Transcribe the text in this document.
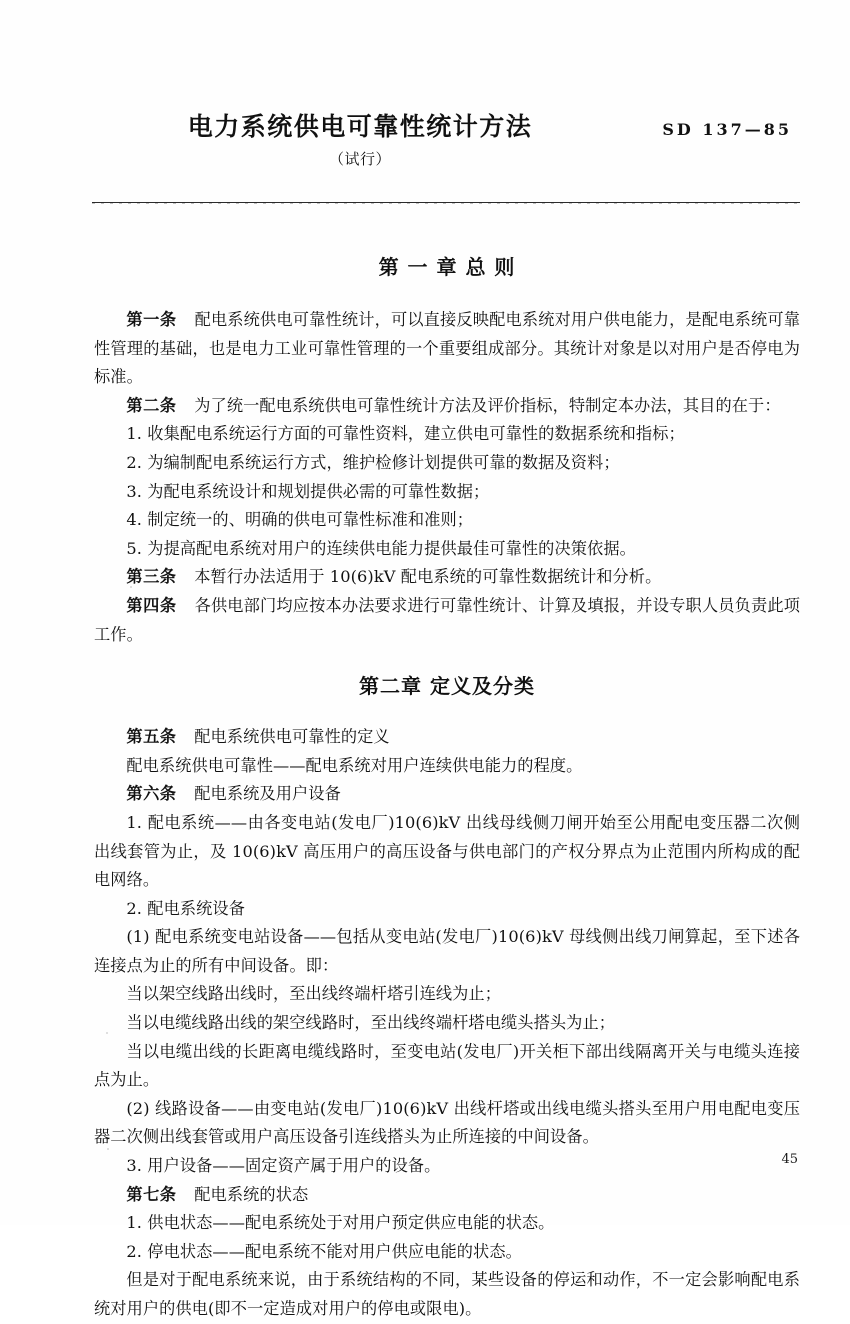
电力系统供电可靠性统计方法
（试行）
SD 137—85
第 一 章 总 则

第一条 配电系统供电可靠性统计，可以直接反映配电系统对用户供电能力，是配电系统可靠性管理的基础，也是电力工业可靠性管理的一个重要组成部分。其统计对象是以对用户是否停电为标准。

第二条 为了统一配电系统供电可靠性统计方法及评价指标，特制定本办法，其目的在于：

1. 收集配电系统运行方面的可靠性资料，建立供电可靠性的数据系统和指标；

2. 为编制配电系统运行方式，维护检修计划提供可靠的数据及资料；

3. 为配电系统设计和规划提供必需的可靠性数据；

4. 制定统一的、明确的供电可靠性标准和准则；

5. 为提高配电系统对用户的连续供电能力提供最佳可靠性的决策依据。

第三条 本暂行办法适用于 10(6)kV 配电系统的可靠性数据统计和分析。

第四条 各供电部门均应按本办法要求进行可靠性统计、计算及填报，并设专职人员负责此项工作。

第二章 定义及分类

第五条 配电系统供电可靠性的定义

配电系统供电可靠性——配电系统对用户连续供电能力的程度。

第六条 配电系统及用户设备

1. 配电系统——由各变电站(发电厂)10(6)kV 出线母线侧刀闸开始至公用配电变压器二次侧出线套管为止，及 10(6)kV 高压用户的高压设备与供电部门的产权分界点为止范围内所构成的配电网络。

2. 配电系统设备

(1) 配电系统变电站设备——包括从变电站(发电厂)10(6)kV 母线侧出线刀闸算起，至下述各连接点为止的所有中间设备。即：

当以架空线路出线时，至出线终端杆塔引连线为止；

当以电缆线路出线的架空线路时，至出线终端杆塔电缆头搭头为止；

当以电缆出线的长距离电缆线路时，至变电站(发电厂)开关柜下部出线隔离开关与电缆头连接点为止。

(2) 线路设备——由变电站(发电厂)10(6)kV 出线杆塔或出线电缆头搭头至用户用电配电变压器二次侧出线套管或用户高压设备引连线搭头为止所连接的中间设备。

3. 用户设备——固定资产属于用户的设备。

第七条 配电系统的状态

1. 供电状态——配电系统处于对用户预定供应电能的状态。

2. 停电状态——配电系统不能对用户供应电能的状态。

但是对于配电系统来说，由于系统结构的不同，某些设备的停运和动作，不一定会影响配电系统对用户的供电(即不一定造成对用户的停电或限电)。

45
